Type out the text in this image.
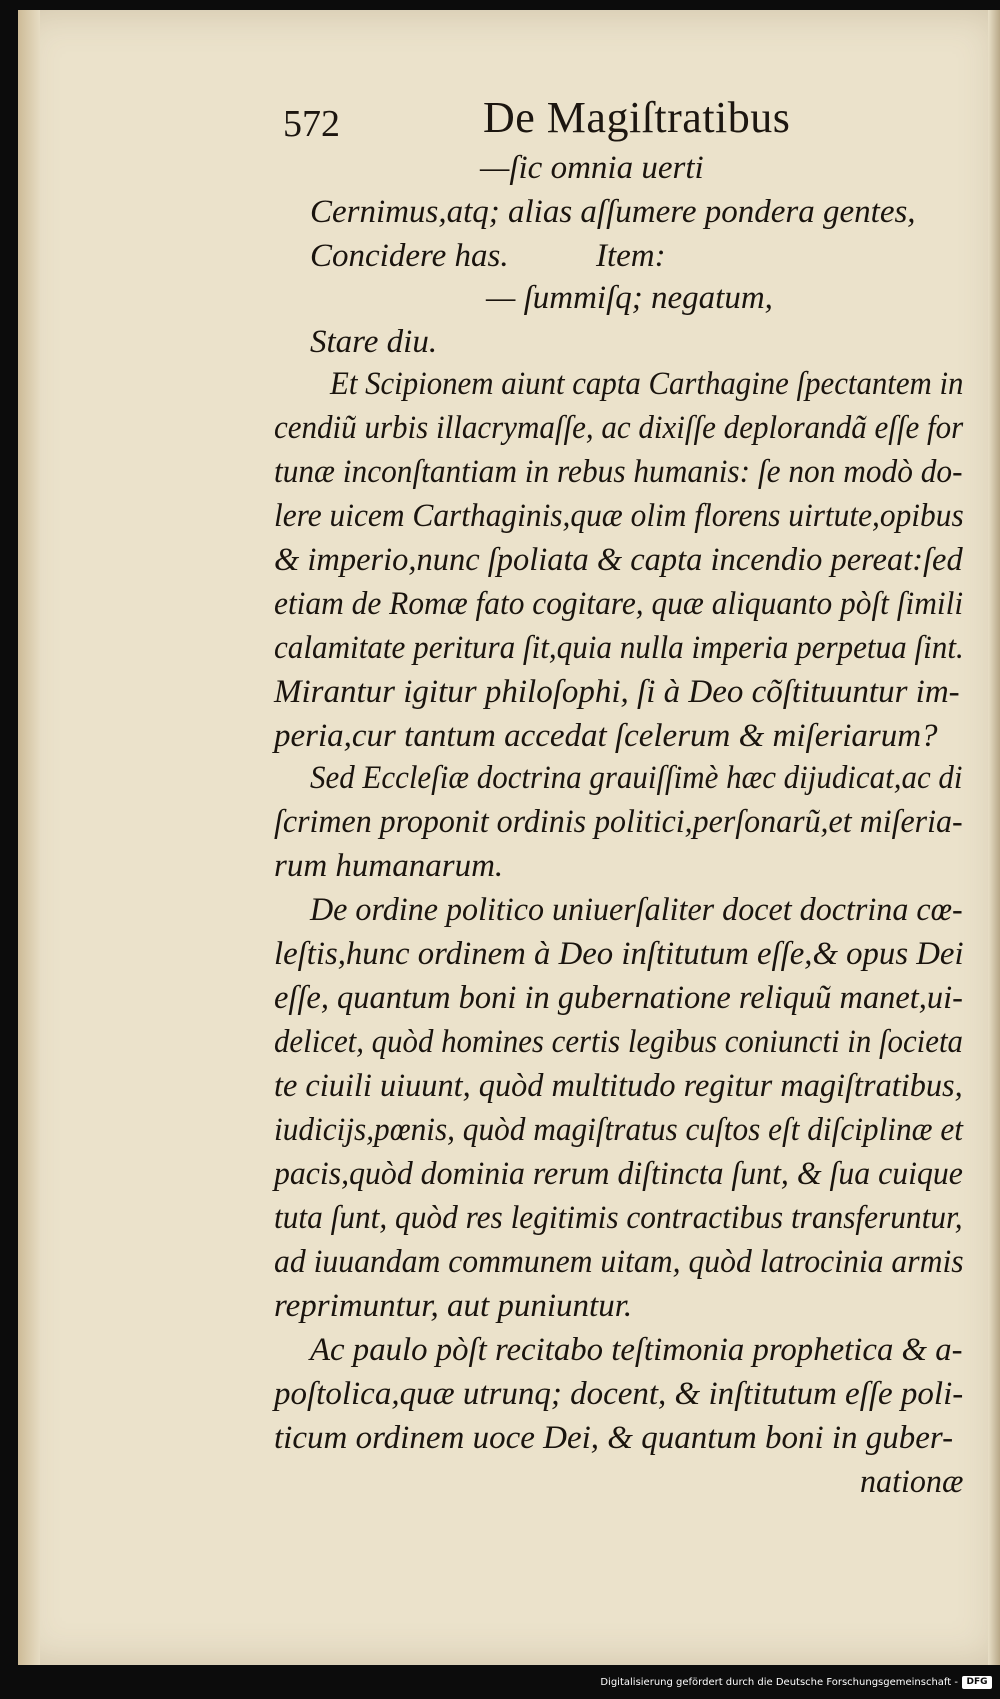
572	De Magiſtratibus
—ſic omnia uerti
Cernimus,atq; alias aſſumere pondera gentes,
Concidere has.	Item:
— ſummiſq; negatum,
Stare diu.
Et Scipionem aiunt capta Carthagine ſpectantem in
cendiũ urbis illacrymaſſe, ac dixiſſe deplorandã eſſe for
tunæ inconſtantiam in rebus humanis: ſe non modò do-
lere uicem Carthaginis,quæ olim florens uirtute,opibus
& imperio,nunc ſpoliata & capta incendio pereat:ſed
etiam de Romæ fato cogitare, quæ aliquanto pòſt ſimili
calamitate peritura ſit,quia nulla imperia perpetua ſint.
Mirantur igitur philoſophi, ſi à Deo cõſtituuntur im-
peria,cur tantum accedat ſcelerum & miſeriarum?
Sed Eccleſiæ doctrina grauiſſimè hæc dijudicat,ac di
ſcrimen proponit ordinis politici,perſonarũ,et miſeria-
rum humanarum.
De ordine politico uniuerſaliter docet doctrina cœ-
leſtis,hunc ordinem à Deo inſtitutum eſſe,& opus Dei
eſſe, quantum boni in gubernatione reliquũ manet,ui-
delicet, quòd homines certis legibus coniuncti in ſocieta
te ciuili uiuunt, quòd multitudo regitur magiſtratibus,
iudicijs,pœnis, quòd magiſtratus cuſtos eſt diſciplinæ et
pacis,quòd dominia rerum diſtincta ſunt, & ſua cuique
tuta ſunt, quòd res legitimis contractibus transferuntur,
ad iuuandam communem uitam, quòd latrocinia armis
reprimuntur, aut puniuntur.
Ac paulo pòſt recitabo teſtimonia prophetica & a-
poſtolica,quæ utrunq; docent, & inſtitutum eſſe poli-
ticum ordinem uoce Dei, & quantum boni in guber-
nationæ
Digitalisierung gefördert durch die Deutsche Forschungsgemeinschaft - DFG
